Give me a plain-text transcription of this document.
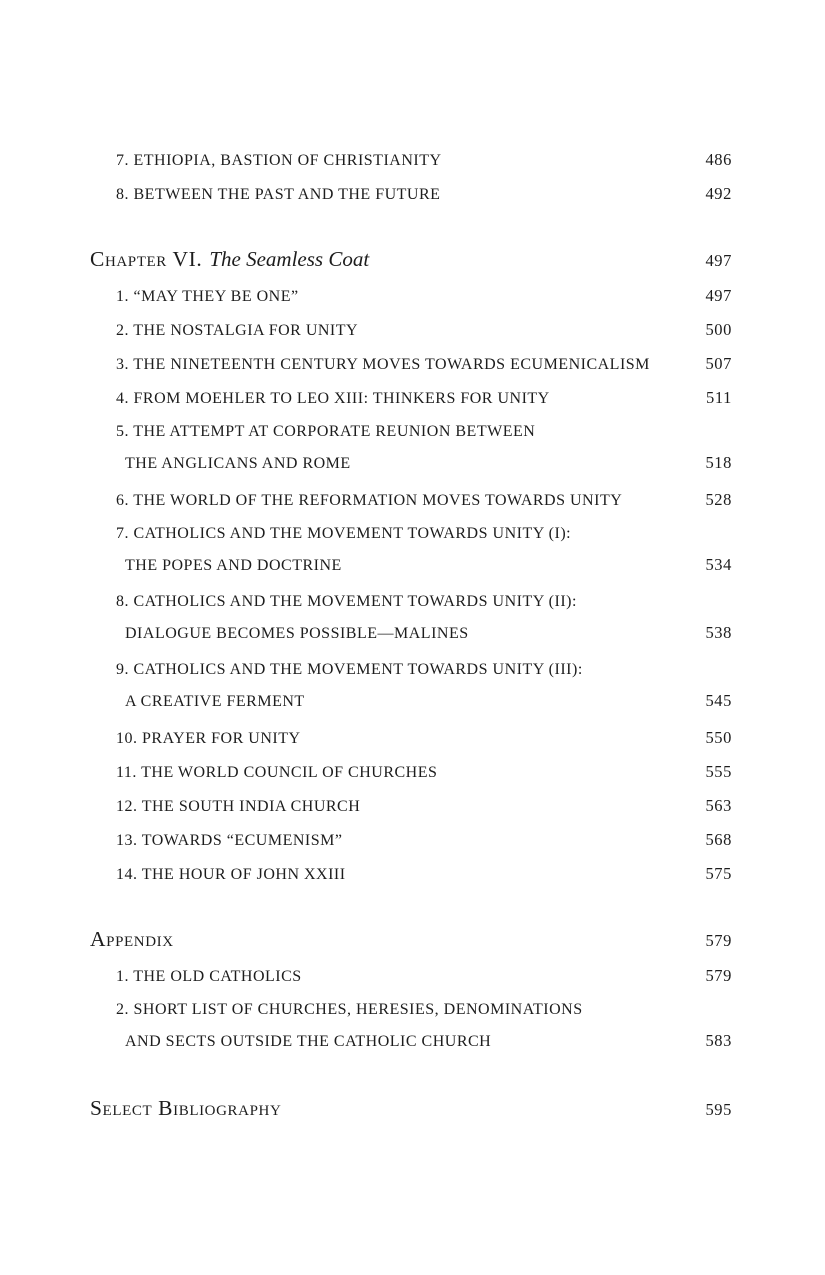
7. ETHIOPIA, BASTION OF CHRISTIANITY	486
8. BETWEEN THE PAST AND THE FUTURE	492
Chapter VI. The Seamless Coat	497
1. “MAY THEY BE ONE”	497
2. THE NOSTALGIA FOR UNITY	500
3. THE NINETEENTH CENTURY MOVES TOWARDS ECUMENICALISM	507
4. FROM MOEHLER TO LEO XIII: THINKERS FOR UNITY	511
5. THE ATTEMPT AT CORPORATE REUNION BETWEEN
THE ANGLICANS AND ROME	518
6. THE WORLD OF THE REFORMATION MOVES TOWARDS UNITY	528
7. CATHOLICS AND THE MOVEMENT TOWARDS UNITY (I):
THE POPES AND DOCTRINE	534
8. CATHOLICS AND THE MOVEMENT TOWARDS UNITY (II):
DIALOGUE BECOMES POSSIBLE—MALINES	538
9. CATHOLICS AND THE MOVEMENT TOWARDS UNITY (III):
A CREATIVE FERMENT	545
10. PRAYER FOR UNITY	550
11. THE WORLD COUNCIL OF CHURCHES	555
12. THE SOUTH INDIA CHURCH	563
13. TOWARDS “ECUMENISM”	568
14. THE HOUR OF JOHN XXIII	575
Appendix	579
1. THE OLD CATHOLICS	579
2. SHORT LIST OF CHURCHES, HERESIES, DENOMINATIONS
AND SECTS OUTSIDE THE CATHOLIC CHURCH	583
Select Bibliography	595
